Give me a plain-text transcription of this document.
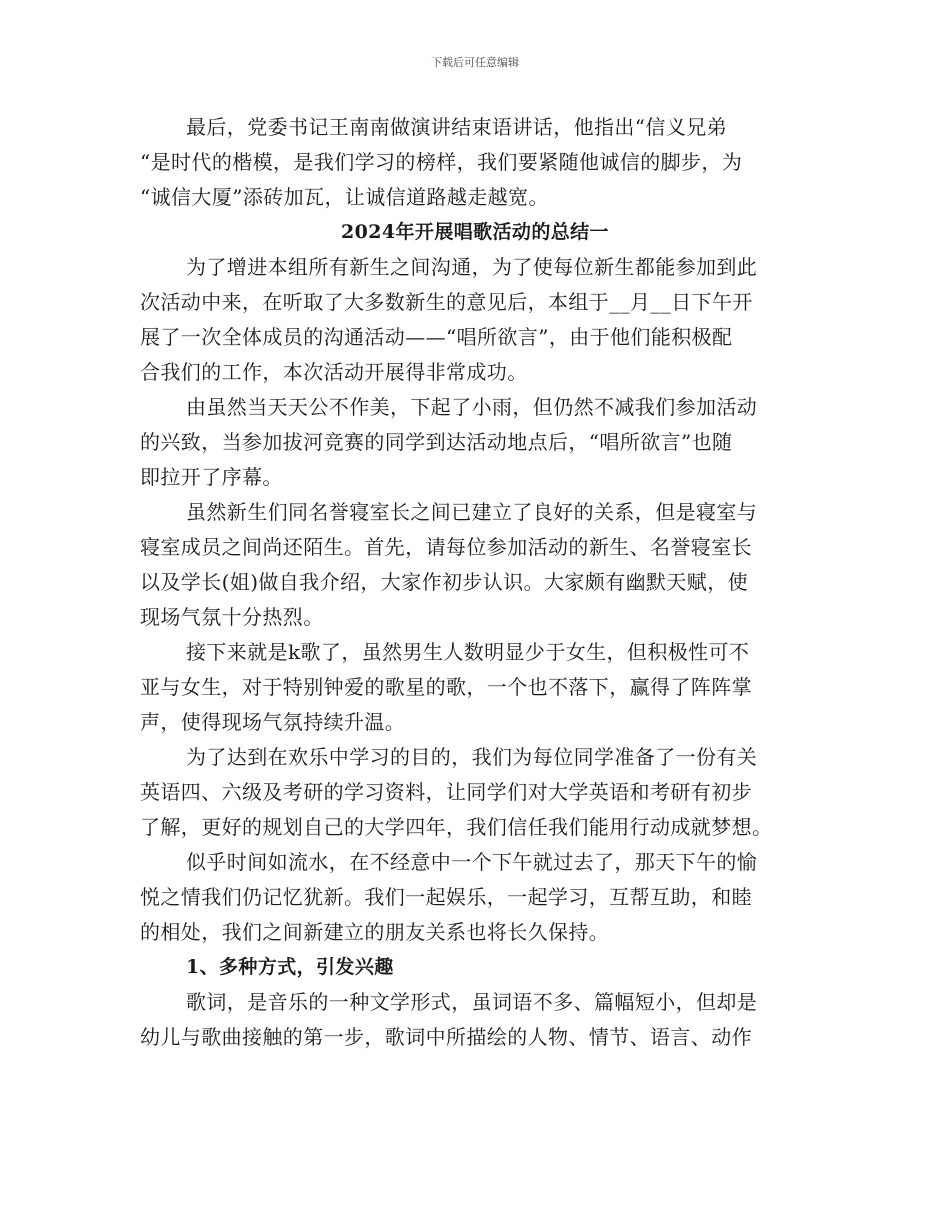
下载后可任意编辑
最后，党委书记王南南做演讲结束语讲话，他指出“信义兄弟
“是时代的楷模，是我们学习的榜样，我们要紧随他诚信的脚步，为
“诚信大厦”添砖加瓦，让诚信道路越走越宽。
2024年开展唱歌活动的总结一
为了增进本组所有新生之间沟通，为了使每位新生都能参加到此
次活动中来，在听取了大多数新生的意见后，本组于__月__日下午开
展了一次全体成员的沟通活动——“唱所欲言”，由于他们能积极配
合我们的工作，本次活动开展得非常成功。
由虽然当天天公不作美，下起了小雨，但仍然不减我们参加活动
的兴致，当参加拔河竞赛的同学到达活动地点后，“唱所欲言”也随
即拉开了序幕。
虽然新生们同名誉寝室长之间已建立了良好的关系，但是寝室与
寝室成员之间尚还陌生。首先，请每位参加活动的新生、名誉寝室长
以及学长(姐)做自我介绍，大家作初步认识。大家颇有幽默天赋，使
现场气氛十分热烈。
接下来就是k歌了，虽然男生人数明显少于女生，但积极性可不
亚与女生，对于特别钟爱的歌星的歌，一个也不落下，赢得了阵阵掌
声，使得现场气氛持续升温。
为了达到在欢乐中学习的目的，我们为每位同学准备了一份有关
英语四、六级及考研的学习资料，让同学们对大学英语和考研有初步
了解，更好的规划自己的大学四年，我们信任我们能用行动成就梦想。
似乎时间如流水，在不经意中一个下午就过去了，那天下午的愉
悦之情我们仍记忆犹新。我们一起娱乐，一起学习，互帮互助，和睦
的相处，我们之间新建立的朋友关系也将长久保持。
1、多种方式，引发兴趣
歌词，是音乐的一种文学形式，虽词语不多、篇幅短小，但却是
幼儿与歌曲接触的第一步，歌词中所描绘的人物、情节、语言、动作
